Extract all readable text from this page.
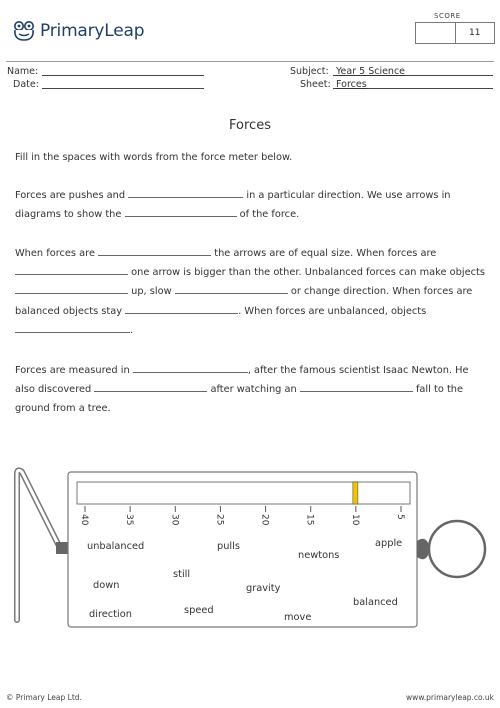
PrimaryLeap
SCORE
11
Name:
Date:
Subject: Year 5 Science
Sheet: Forces
Forces
Fill in the spaces with words from the force meter below.
Forces are pushes and	in a particular direction. We use arrows in diagrams to show the	of the force.
When forces are	the arrows are of equal size. When forces are  one arrow is bigger than the other. Unbalanced forces can make objects  up, slow	or change direction. When forces are balanced objects stay	. When forces are unbalanced, objects .
Forces are measured in	, after the famous scientist Isaac Newton. He also discovered	after watching an	fall to the ground from a tree.
40	35	30	25	20	15	10	5
unbalanced	pulls
newtons
apple
still
down	gravity
balanced
direction	speed
move
© Primary Leap Ltd.	www.primaryleap.co.uk
